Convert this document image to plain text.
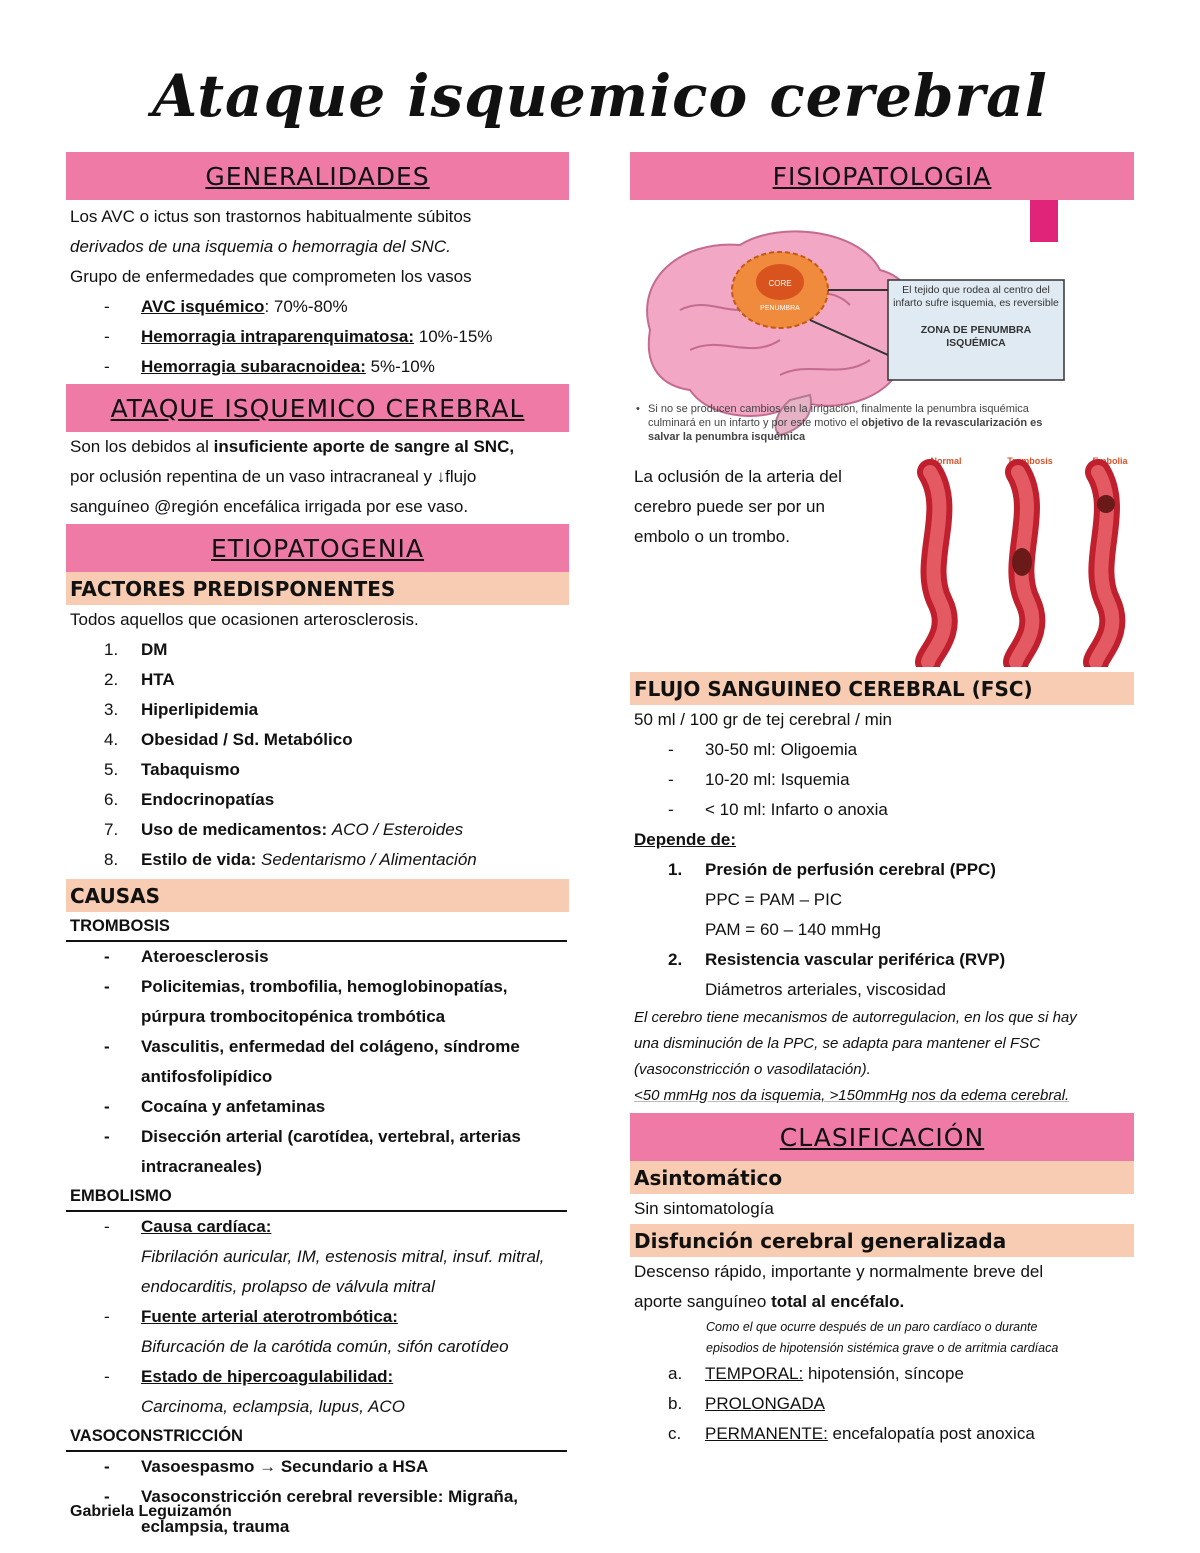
Ataque isquemico cerebral
GENERALIDADES
Los AVC o ictus son trastornos habitualmente súbitos
derivados de una isquemia o hemorragia del SNC.
Grupo de enfermedades que comprometen los vasos
- AVC isquémico: 70%-80%
- Hemorragia intraparenquimatosa: 10%-15%
- Hemorragia subaracnoidea: 5%-10%
ATAQUE ISQUEMICO CEREBRAL
Son los debidos al insuficiente aporte de sangre al SNC,
por oclusión repentina de un vaso intracraneal y ↓flujo
sanguíneo @región encefálica irrigada por ese vaso.
ETIOPATOGENIA
FACTORES PREDISPONENTES
Todos aquellos que ocasionen arterosclerosis.
1. DM
2. HTA
3. Hiperlipidemia
4. Obesidad / Sd. Metabólico
5. Tabaquismo
6. Endocrinopatías
7. Uso de medicamentos: ACO / Esteroides
8. Estilo de vida: Sedentarismo / Alimentación
CAUSAS
TROMBOSIS
- Ateroesclerosis
- Policitemias, trombofilia, hemoglobinopatías, púrpura trombocitopénica trombótica
- Vasculitis, enfermedad del colágeno, síndrome antifosfolipídico
- Cocaína y anfetaminas
- Disección arterial (carotídea, vertebral, arterias intracraneales)
EMBOLISMO
- Causa cardíaca:
Fibrilación auricular, IM, estenosis mitral, insuf. mitral, endocarditis, prolapso de válvula mitral
- Fuente arterial aterotrombótica:
Bifurcación de la carótida común, sifón carotídeo
- Estado de hipercoagulabilidad:
Carcinoma, eclampsia, lupus, ACO
VASOCONSTRICCIÓN
- Vasoespasmo → Secundario a HSA
- Vasoconstricción cerebral reversible: Migraña, eclampsia, trauma
FISIOPATOLOGIA
CORE
PENUMBRA
El tejido que rodea al centro del infarto sufre isquemia, es reversible
ZONA DE PENUMBRA ISQUÉMICA
• Si no se producen cambios en la irrigación, finalmente la penumbra isquémica culminará en un infarto y por este motivo el objetivo de la revascularización es salvar la penumbra isquémica
La oclusión de la arteria del cerebro puede ser por un embolo o un trombo.
Normal	Trombosis	Embolia
FLUJO SANGUINEO CEREBRAL (FSC)
50 ml / 100 gr de tej cerebral / min
- 30-50 ml: Oligoemia
- 10-20 ml: Isquemia
- < 10 ml: Infarto o anoxia
Depende de:
1. Presión de perfusión cerebral (PPC)
PPC = PAM – PIC
PAM = 60 – 140 mmHg
2. Resistencia vascular periférica (RVP)
Diámetros arteriales, viscosidad
El cerebro tiene mecanismos de autorregulacion, en los que si hay
una disminución de la PPC, se adapta para mantener el FSC
(vasoconstricción o vasodilatación).
<50 mmHg nos da isquemia, >150mmHg nos da edema cerebral.
CLASIFICACIÓN
Asintomático
Sin sintomatología
Disfunción cerebral generalizada
Descenso rápido, importante y normalmente breve del
aporte sanguíneo total al encéfalo.
Como el que ocurre después de un paro cardíaco o durante
episodios de hipotensión sistémica grave o de arritmia cardíaca
a. TEMPORAL: hipotensión, síncope
b. PROLONGADA
c. PERMANENTE: encefalopatía post anoxica
Gabriela Leguizamón
